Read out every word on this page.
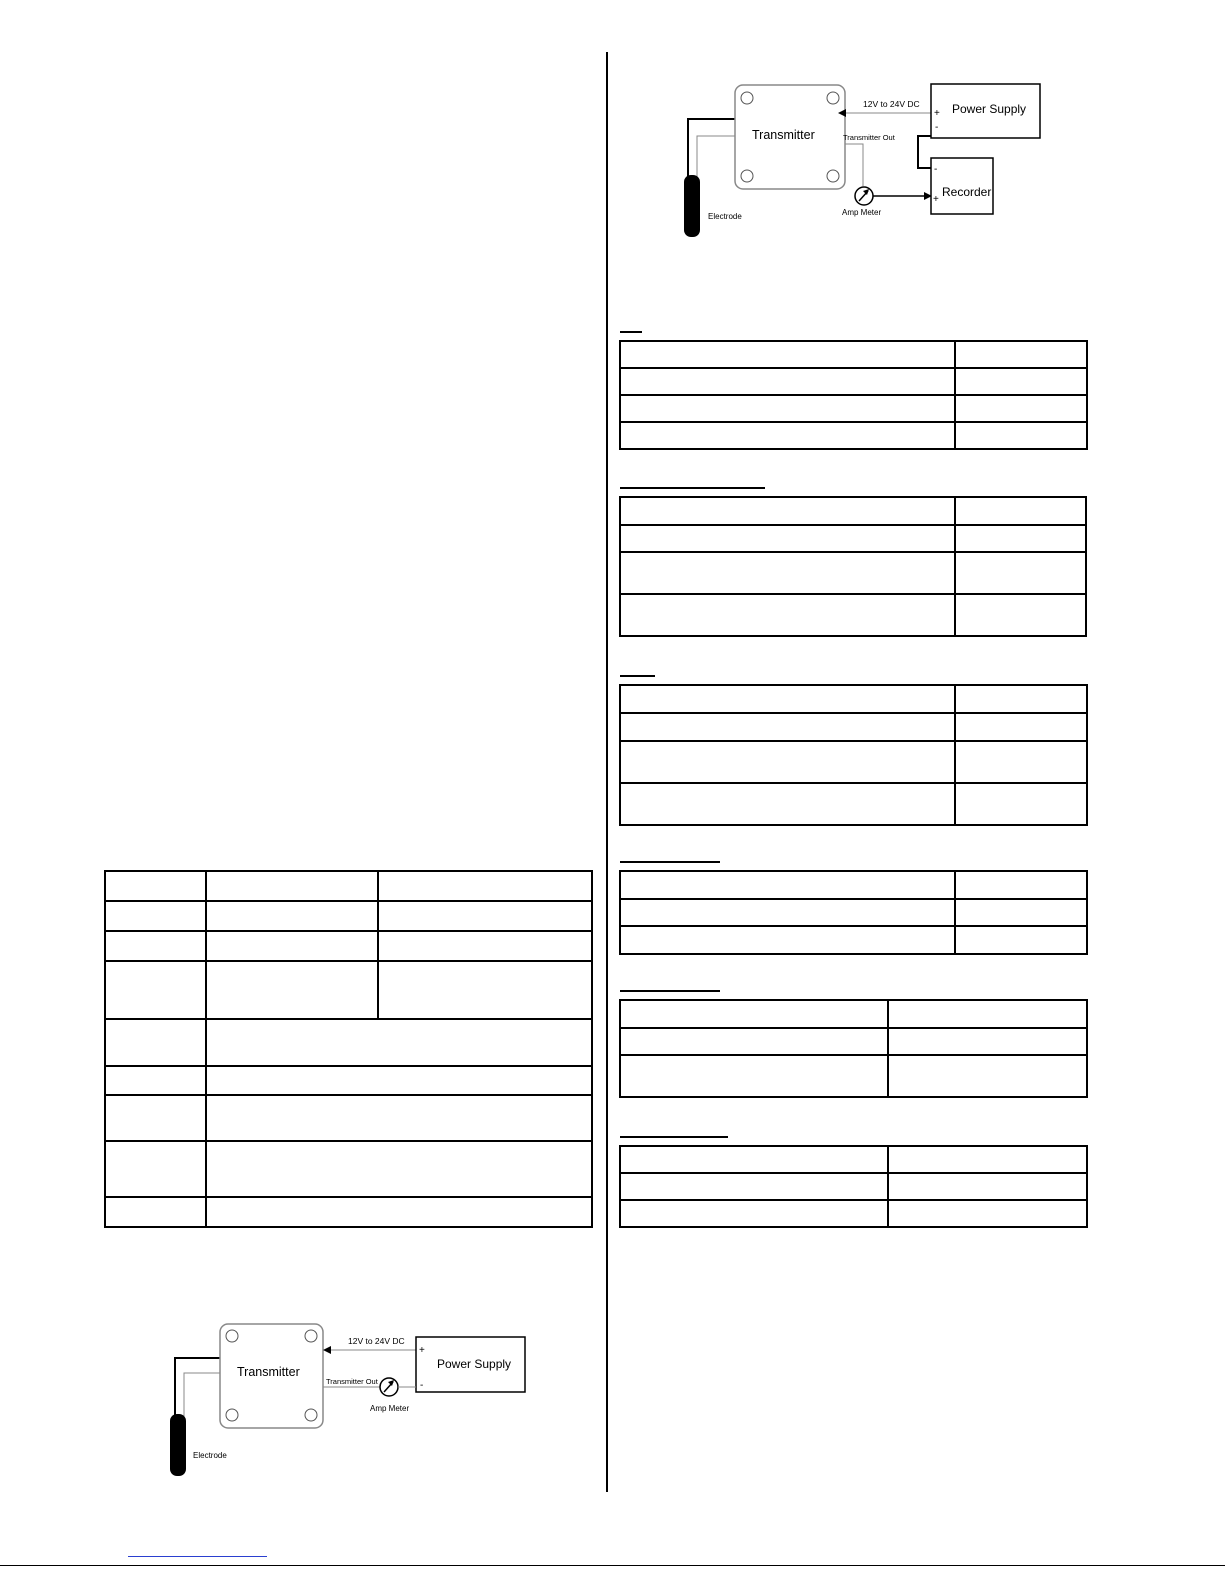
Transmitter
12V to 24V DC	Power Supply
+
-
Transmitter Out
Amp Meter
Recorder
-
+
Electrode

Transmitter
12V to 24V DC
Power Supply
+
-
Transmitter Out
Amp Meter
Electrode
